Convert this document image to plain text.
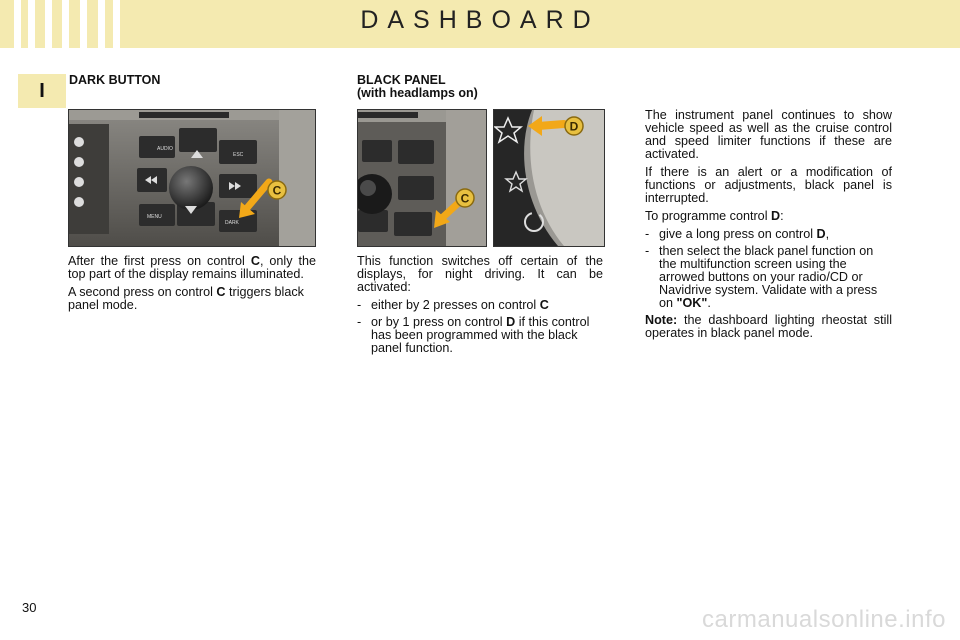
DASHBOARD
I	DARK BUTTON
AUDIO
ESC
MENU
DARK
C

After the first press on control C, only the top part of the display remains illuminated.

A second press on control C triggers black panel mode.

BLACK PANEL
(with headlamps on)
C
D

This function switches off certain of the displays, for night driving. It can be activated:

- either by 2 presses on control C
- or by 1 press on control D if this control has been programmed with the black panel function.

The instrument panel continues to show vehicle speed as well as the cruise control and speed limiter functions if these are activated.

If there is an alert or a modification of functions or adjustments, black panel is interrupted.

To programme control D:

- give a long press on control D,
- then select the black panel function on the multifunction screen using the arrowed buttons on your radio/CD or Navidrive system. Validate with a press on "OK".

Note: the dashboard lighting rheostat still operates in black panel mode.

30	carmanualsonline.info
